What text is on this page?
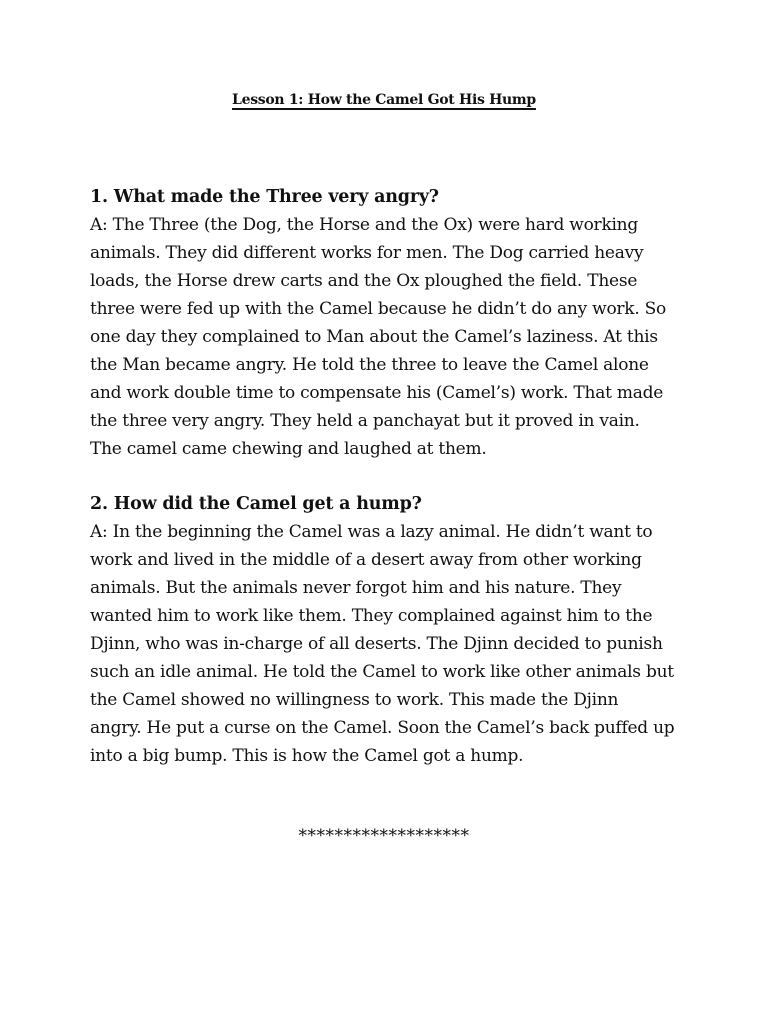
Lesson 1: How the Camel Got His Hump
1. What made the Three very angry?
A: The Three (the Dog, the Horse and the Ox) were hard working
animals. They did different works for men. The Dog carried heavy
loads, the Horse drew carts and the Ox ploughed the field. These
three were fed up with the Camel because he didn’t do any work. So
one day they complained to Man about the Camel’s laziness. At this
the Man became angry. He told the three to leave the Camel alone
and work double time to compensate his (Camel’s) work. That made
the three very angry. They held a panchayat but it proved in vain.
The camel came chewing and laughed at them.
2. How did the Camel get a hump?
A: In the beginning the Camel was a lazy animal. He didn’t want to
work and lived in the middle of a desert away from other working
animals. But the animals never forgot him and his nature. They
wanted him to work like them. They complained against him to the
Djinn, who was in-charge of all deserts. The Djinn decided to punish
such an idle animal. He told the Camel to work like other animals but
the Camel showed no willingness to work. This made the Djinn
angry. He put a curse on the Camel. Soon the Camel’s back puffed up
into a big bump. This is how the Camel got a hump.
*******************
